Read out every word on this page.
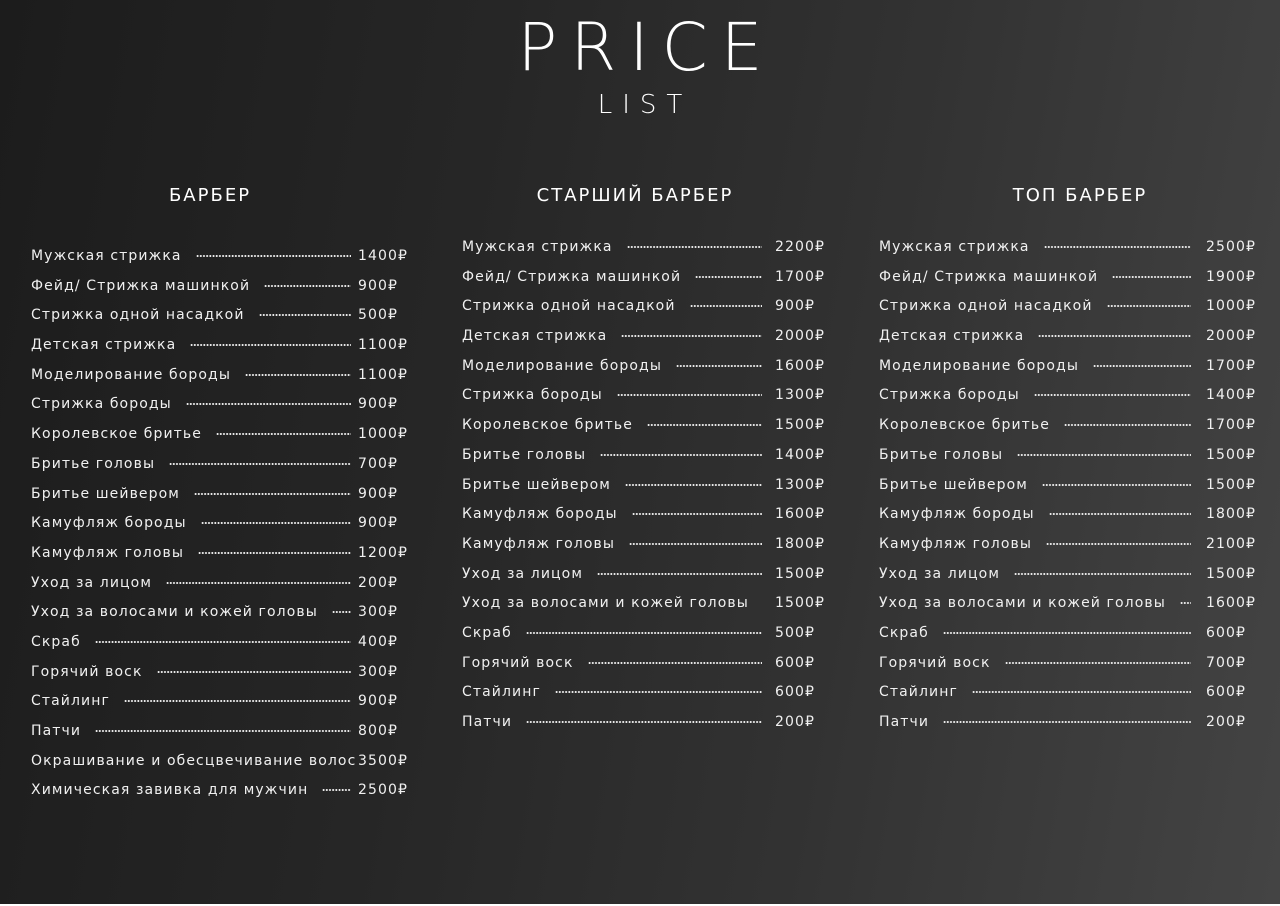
PRICE
LIST
БАРБЕР	СТАРШИЙ БАРБЕР	ТОП БАРБЕР
Мужская стрижка	1400₽
Фейд/ Стрижка машинкой	900₽
Стрижка одной насадкой	500₽
Детская стрижка	1100₽
Моделирование бороды	1100₽
Стрижка бороды	900₽
Королевское бритье	1000₽
Бритье головы	700₽
Бритье шейвером	900₽
Камуфляж бороды	900₽
Камуфляж головы	1200₽
Уход за лицом	200₽
Уход за волосами и кожей головы	300₽
Скраб	400₽
Горячий воск	300₽
Стайлинг	900₽
Патчи	800₽
Окрашивание и обесцвечивание волос 3500₽
Химическая завивка для мужчин	2500₽
Мужская стрижка	2200₽
Фейд/ Стрижка машинкой	1700₽
Стрижка одной насадкой	900₽
Детская стрижка	2000₽
Моделирование бороды	1600₽
Стрижка бороды	1300₽
Королевское бритье	1500₽
Бритье головы	1400₽
Бритье шейвером	1300₽
Камуфляж бороды	1600₽
Камуфляж головы	1800₽
Уход за лицом	1500₽
Уход за волосами и кожей головы 1500₽
Скраб	500₽
Горячий воск	600₽
Стайлинг	600₽
Патчи	200₽
Мужская стрижка	2500₽
Фейд/ Стрижка машинкой	1900₽
Стрижка одной насадкой	1000₽
Детская стрижка	2000₽
Моделирование бороды	1700₽
Стрижка бороды	1400₽
Королевское бритье	1700₽
Бритье головы	1500₽
Бритье шейвером	1500₽
Камуфляж бороды	1800₽
Камуфляж головы	2100₽
Уход за лицом	1500₽
Уход за волосами и кожей головы	1600₽
Скраб	600₽
Горячий воск	700₽
Стайлинг	600₽
Патчи	200₽
